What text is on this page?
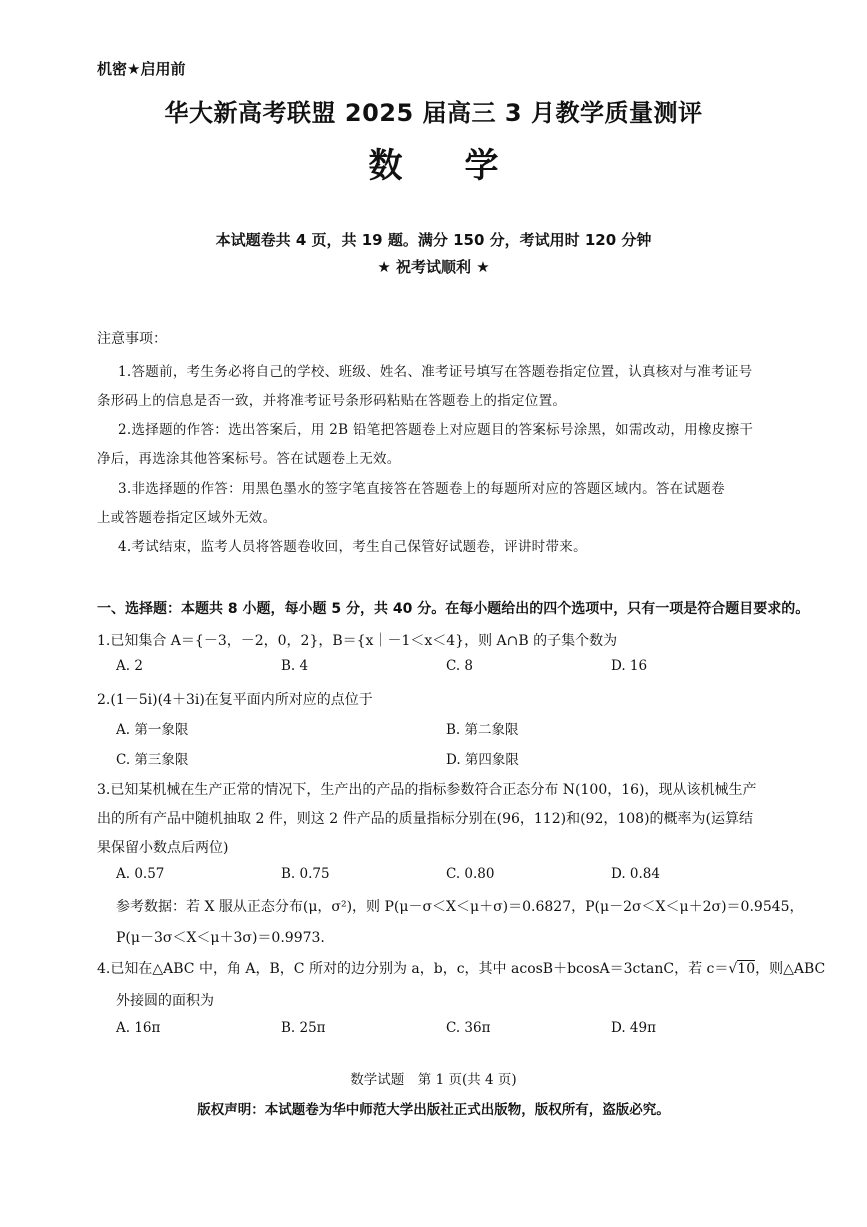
机密★启用前
华大新高考联盟 2025 届高三 3 月教学质量测评
数学
本试题卷共 4 页，共 19 题。满分 150 分，考试用时 120 分钟
★ 祝考试顺利 ★
注意事项：
1.答题前，考生务必将自己的学校、班级、姓名、准考证号填写在答题卷指定位置，认真核对与准考证号
条形码上的信息是否一致，并将准考证号条形码粘贴在答题卷上的指定位置。
2.选择题的作答：选出答案后，用 2B 铅笔把答题卷上对应题目的答案标号涂黑，如需改动，用橡皮擦干
净后，再选涂其他答案标号。答在试题卷上无效。
3.非选择题的作答：用黑色墨水的签字笔直接答在答题卷上的每题所对应的答题区域内。答在试题卷
上或答题卷指定区域外无效。
4.考试结束，监考人员将答题卷收回，考生自己保管好试题卷，评讲时带来。
一、选择题：本题共 8 小题，每小题 5 分，共 40 分。在每小题给出的四个选项中，只有一项是符合题目要求的。
1.已知集合 A＝{－3，－2，0，2}，B＝{x｜－1＜x＜4}，则 A∩B 的子集个数为
A. 2	B. 4	C. 8	D. 16
2.(1－5i)(4＋3i)在复平面内所对应的点位于
A. 第一象限	B. 第二象限
C. 第三象限	D. 第四象限
3.已知某机械在生产正常的情况下，生产出的产品的指标参数符合正态分布 N(100，16)，现从该机械生产
出的所有产品中随机抽取 2 件，则这 2 件产品的质量指标分别在(96，112)和(92，108)的概率为(运算结
果保留小数点后两位)
A. 0.57	B. 0.75	C. 0.80	D. 0.84
参考数据：若 X 服从正态分布(μ，σ²)，则 P(μ－σ＜X＜μ＋σ)＝0.6827，P(μ－2σ＜X＜μ＋2σ)＝0.9545，
P(μ－3σ＜X＜μ＋3σ)＝0.9973.
4.已知在△ABC 中，角 A，B，C 所对的边分别为 a，b，c，其中 acosB＋bcosA＝3ctanC，若 c＝√10，则△ABC
外接圆的面积为
A. 16π	B. 25π	C. 36π	D. 49π
数学试题　第 1 页(共 4 页)
版权声明：本试题卷为华中师范大学出版社正式出版物，版权所有，盗版必究。
